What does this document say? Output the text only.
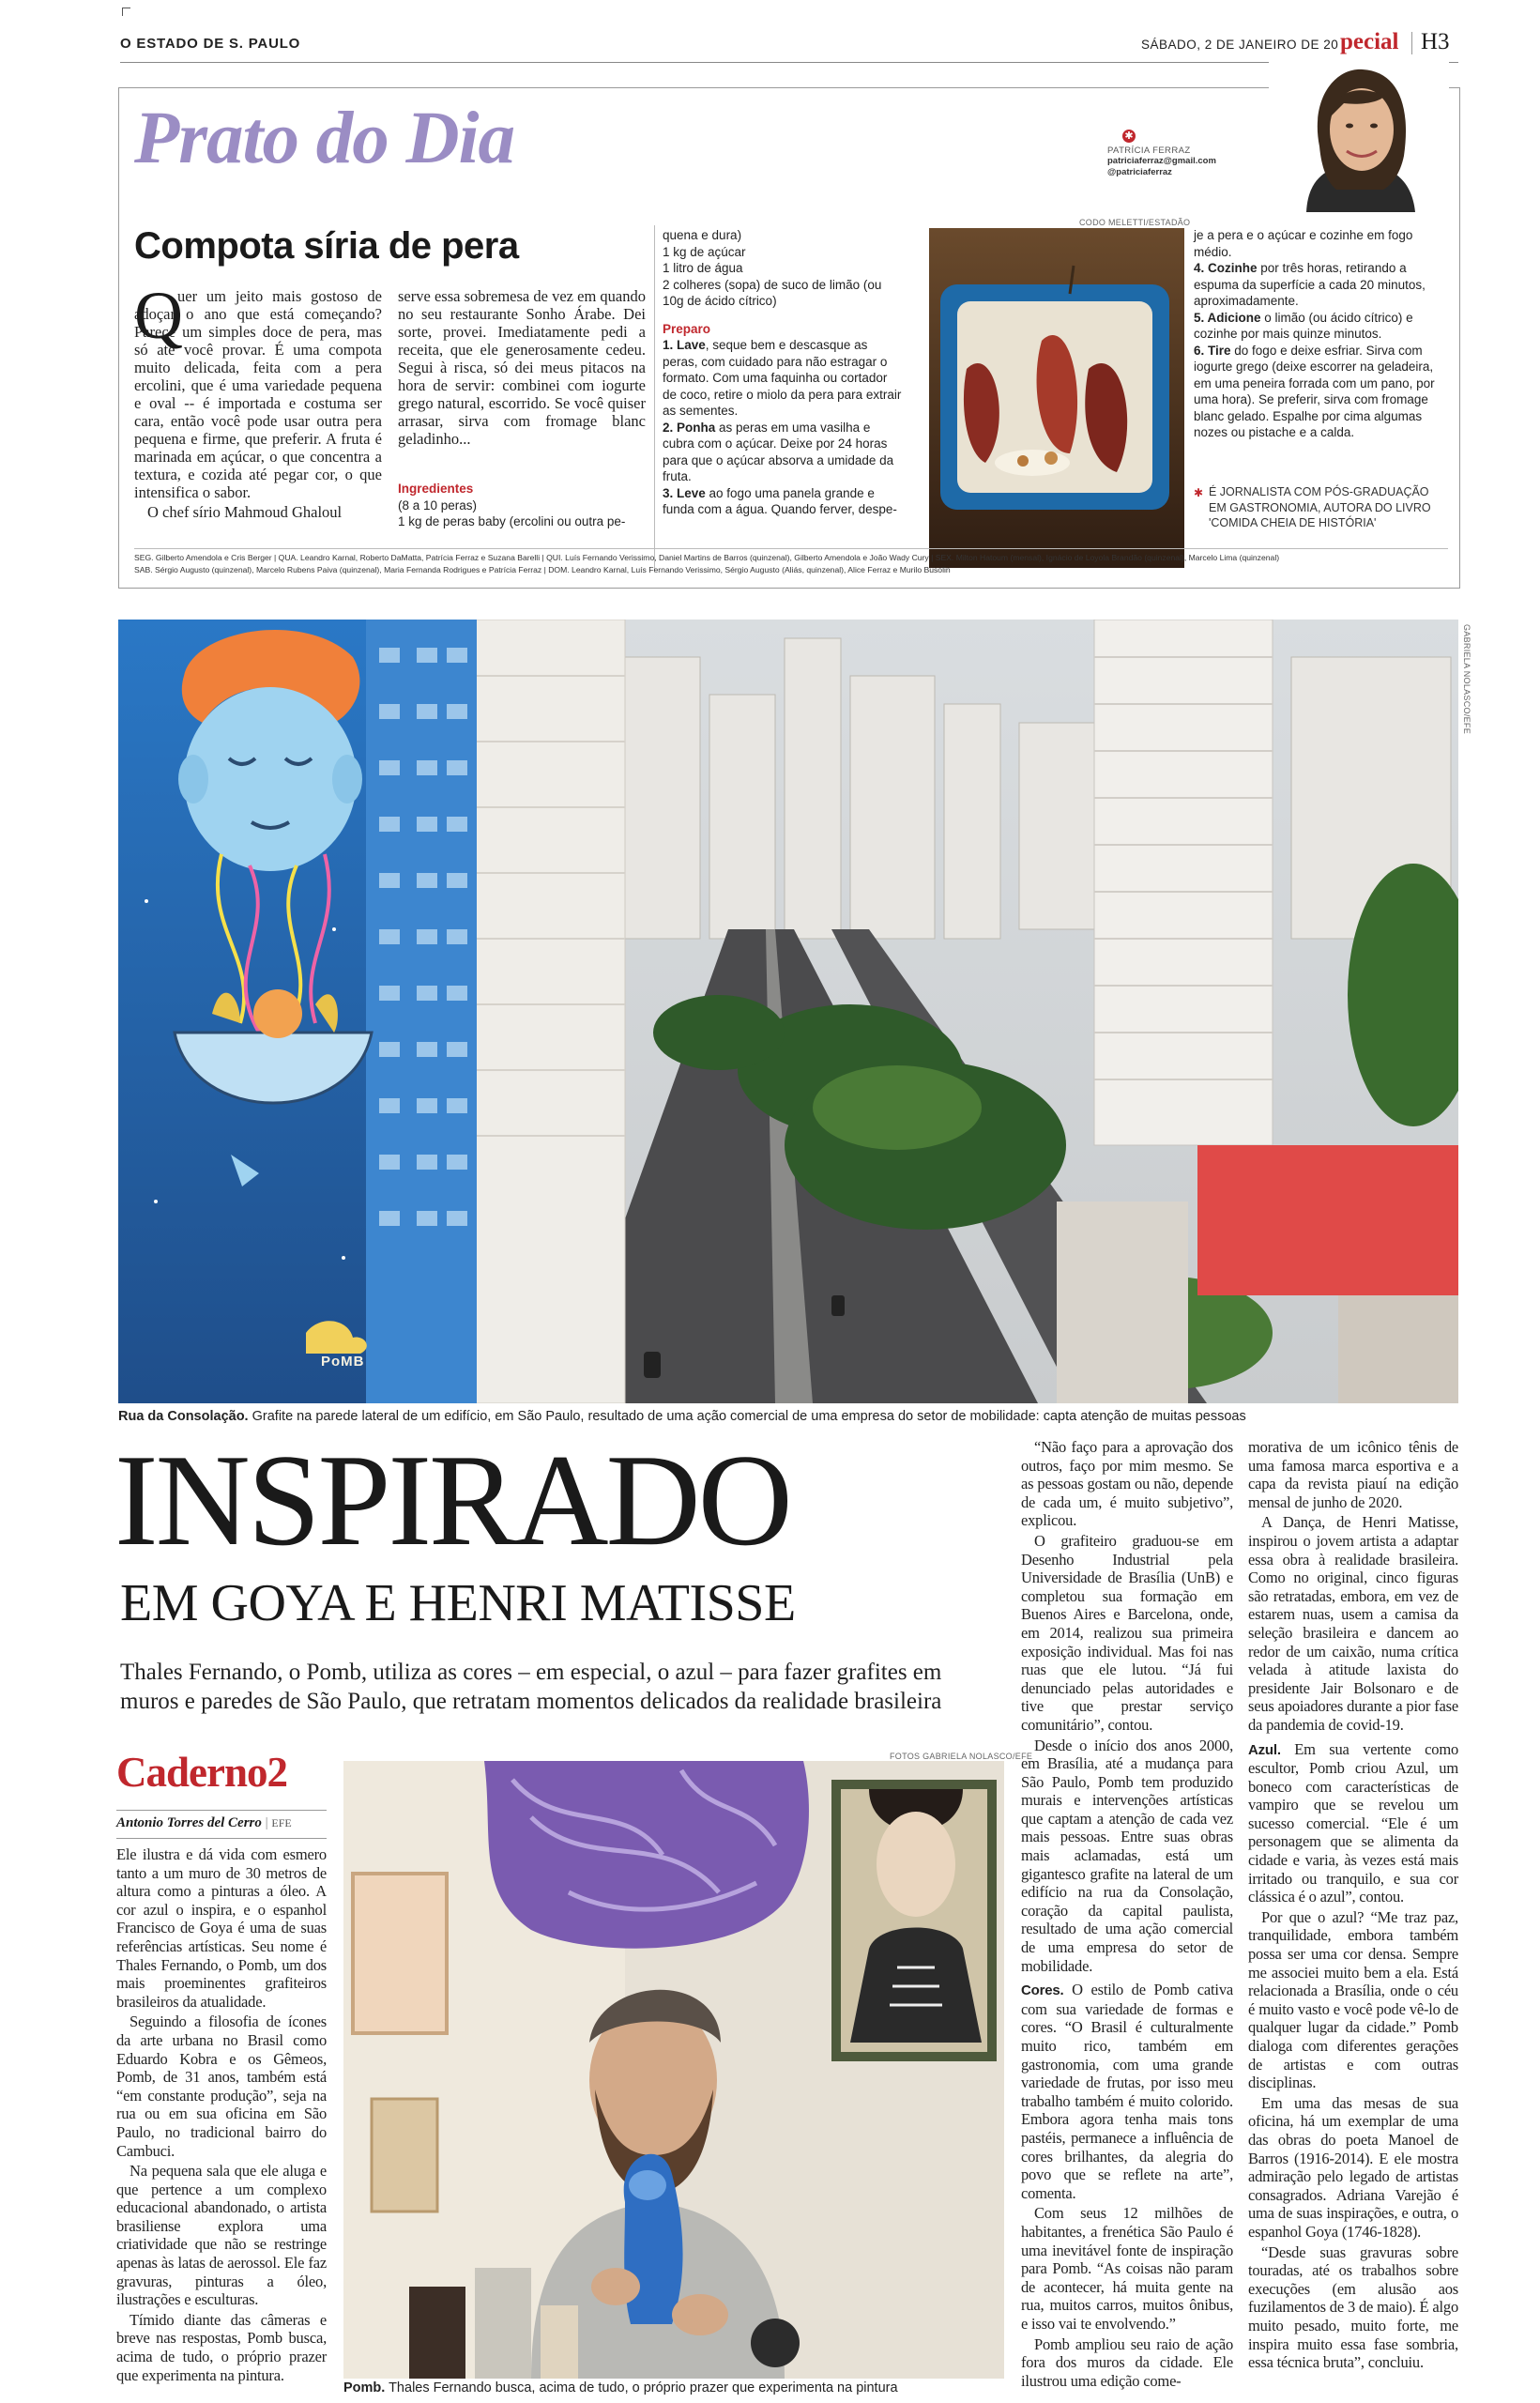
O ESTADO DE S. PAULO	SÁBADO, 2 DE JANEIRO DE 20 pecial H3
Prato do Dia	✱
PATRÍCIA FERRAZ
patriciaferraz@gmail.com
@patriciaferraz
Compota síria de pera
Q

uer um jeito mais gostoso de adoçar o ano que está começando? Parece um simples doce de pera, mas só até você provar. É uma compota muito delicada, feita com a pera ercolini, que é uma variedade pequena e oval -- é importada e costuma ser cara, então você pode usar outra pera pequena e firme, que preferir. A fruta é marinada em açúcar, o que concentra a textura, e cozida até pegar cor, o que intensifica o sabor.

O chef sírio Mahmoud Ghaloul

serve essa sobremesa de vez em quando no seu restaurante Sonho Árabe. Dei sorte, provei. Imediatamente pedi a receita, que ele generosamente cedeu. Segui à risca, só dei meus pitacos na hora de servir: combinei com iogurte grego natural, escorrido. Se você quiser arrasar, sirva com fromage blanc geladinho...

Ingredientes

(8 a 10 peras)

1 kg de peras baby (ercolini ou outra pe-

quena e dura)

1 kg de açúcar

1 litro de água

2 colheres (sopa) de suco de limão (ou 10g de ácido cítrico)

Preparo

1. Lave, seque bem e descasque as peras, com cuidado para não estragar o formato. Com uma faquinha ou cortador de coco, retire o miolo da pera para extrair as sementes.

2. Ponha as peras em uma vasilha e cubra com o açúcar. Deixe por 24 horas para que o açúcar absorva a umidade da fruta.

3. Leve ao fogo uma panela grande e funda com a água. Quando ferver, despe-

CODO MELETTI/ESTADÃO

je a pera e o açúcar e cozinhe em fogo médio.

4. Cozinhe por três horas, retirando a espuma da superfície a cada 20 minutos, aproximadamente.

5. Adicione o limão (ou ácido cítrico) e cozinhe por mais quinze minutos.

6. Tire do fogo e deixe esfriar. Sirva com iogurte grego (deixe escorrer na geladeira, em uma peneira forrada com um pano, por uma hora). Se preferir, sirva com fromage blanc gelado. Espalhe por cima algumas nozes ou pistache e a calda.

✱ É JORNALISTA COM PÓS-GRADUAÇÃO EM GASTRONOMIA, AUTORA DO LIVRO 'COMIDA CHEIA DE HISTÓRIA'
SEG. Gilberto Amendola e Cris Berger | QUA. Leandro Karnal, Roberto DaMatta, Patrícia Ferraz e Suzana Barelli | QUI. Luís Fernando Verissimo, Daniel Martins de Barros (quinzenal), Gilberto Amendola e João Wady Cury | SEX. Milton Hatoum (mensal), Ignácio de Loyola Brandão (quinzenal), Marcelo Lima (quinzenal)
SAB. Sérgio Augusto (quinzenal), Marcelo Rubens Paiva (quinzenal), Maria Fernanda Rodrigues e Patrícia Ferraz | DOM. Leandro Karnal, Luís Fernando Verissimo, Sérgio Augusto (Aliás, quinzenal), Alice Ferraz e Murilo Busolin
GABRIELA NOLASCO/EFE
PoMB
Rua da Consolação. Grafite na parede lateral de um edifício, em São Paulo, resultado de uma ação comercial de uma empresa do setor de mobilidade: capta atenção de muitas pessoas
INSPIRADO
EM GOYA E HENRI MATISSE
Thales Fernando, o Pomb, utiliza as cores – em especial, o azul – para fazer grafites em muros e paredes de São Paulo, que retratam momentos delicados da realidade brasileira
Caderno2
Antonio Torres del Cerro | EFE

Ele ilustra e dá vida com esmero tanto a um muro de 30 metros de altura como a pinturas a óleo. A cor azul o inspira, e o espanhol Francisco de Goya é uma de suas referências artísticas. Seu nome é Thales Fernando, o Pomb, um dos mais proeminentes grafiteiros brasileiros da atualidade.

Seguindo a filosofia de ícones da arte urbana no Brasil como Eduardo Kobra e os Gêmeos, Pomb, de 31 anos, também está “em constante produção”, seja na rua ou em sua oficina em São Paulo, no tradicional bairro do Cambuci.

Na pequena sala que ele aluga e que pertence a um complexo educacional abandonado, o artista brasiliense explora uma criatividade que não se restringe apenas às latas de aerossol. Ele faz gravuras, pinturas a óleo, ilustrações e esculturas.

Tímido diante das câmeras e breve nas respostas, Pomb busca, acima de tudo, o próprio prazer que experimenta na pintura.

FOTOS GABRIELA NOLASCO/EFE
Pomb. Thales Fernando busca, acima de tudo, o próprio prazer que experimenta na pintura

“Não faço para a aprovação dos outros, faço por mim mesmo. Se as pessoas gostam ou não, depende de cada um, é muito subjetivo”, explicou.

O grafiteiro graduou-se em Desenho Industrial pela Universidade de Brasília (UnB) e completou sua formação em Buenos Aires e Barcelona, onde, em 2014, realizou sua primeira exposição individual. Mas foi nas ruas que ele lutou. “Já fui denunciado pelas autoridades e tive que prestar serviço comunitário”, contou.

Desde o início dos anos 2000, em Brasília, até a mudança para São Paulo, Pomb tem produzido murais e intervenções artísticas que captam a atenção de cada vez mais pessoas. Entre suas obras mais aclamadas, está um gigantesco grafite na lateral de um edifício na rua da Consolação, coração da capital paulista, resultado de uma ação comercial de uma empresa do setor de mobilidade.

Cores. O estilo de Pomb cativa com sua variedade de formas e cores. “O Brasil é culturalmente muito rico, também em gastronomia, com uma grande variedade de frutas, por isso meu trabalho também é muito colorido. Embora agora tenha mais tons pastéis, permanece a influência de cores brilhantes, da alegria do povo que se reflete na arte”, comenta.

Com seus 12 milhões de habitantes, a frenética São Paulo é uma inevitável fonte de inspiração para Pomb. “As coisas não param de acontecer, há muita gente na rua, muitos carros, muitos ônibus, e isso vai te envolvendo.”

Pomb ampliou seu raio de ação fora dos muros da cidade. Ele ilustrou uma edição come-

morativa de um icônico tênis de uma famosa marca esportiva e a capa da revista piauí na edição mensal de junho de 2020.

A Dança, de Henri Matisse, inspirou o jovem artista a adaptar essa obra à realidade brasileira. Como no original, cinco figuras são retratadas, embora, em vez de estarem nuas, usem a camisa da seleção brasileira e dancem ao redor de um caixão, numa crítica velada à atitude laxista do presidente Jair Bolsonaro e de seus apoiadores durante a pior fase da pandemia de covid-19.

Azul. Em sua vertente como escultor, Pomb criou Azul, um boneco com características de vampiro que se revelou um sucesso comercial. “Ele é um personagem que se alimenta da cidade e varia, às vezes está mais irritado ou tranquilo, e sua cor clássica é o azul”, contou.

Por que o azul? “Me traz paz, tranquilidade, embora também possa ser uma cor densa. Sempre me associei muito bem a ela. Está relacionada a Brasília, onde o céu é muito vasto e você pode vê-lo de qualquer lugar da cidade.” Pomb dialoga com diferentes gerações de artistas e com outras disciplinas.

Em uma das mesas de sua oficina, há um exemplar de uma das obras do poeta Manoel de Barros (1916-2014). E ele mostra admiração pelo legado de artistas consagrados. Adriana Varejão é uma de suas inspirações, e outra, o espanhol Goya (1746-1828).

“Desde suas gravuras sobre touradas, até os trabalhos sobre execuções (em alusão aos fuzilamentos de 3 de maio). É algo muito pesado, muito forte, me inspira muito essa fase sombria, essa técnica bruta”, concluiu.
